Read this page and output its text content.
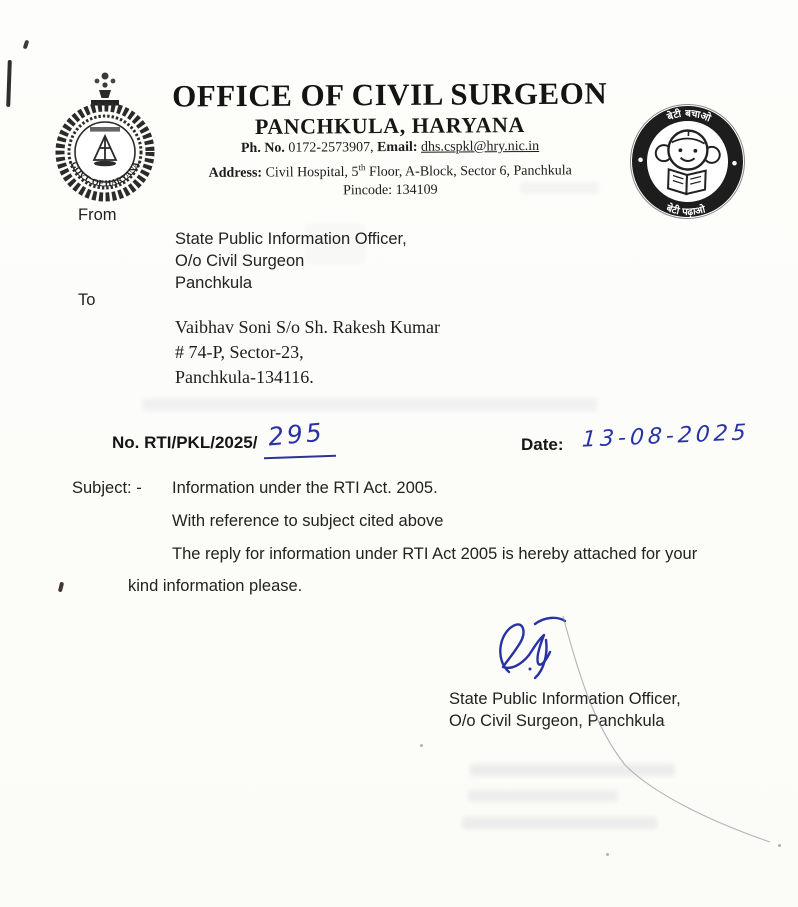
GOVT. OF HARYANA
बेटी बचाओ
बेटी पढ़ाओ
OFFICE OF CIVIL SURGEON
PANCHKULA, HARYANA
Ph. No. 0172-2573907, Email: dhs.cspkl@hry.nic.in
Address: Civil Hospital, 5th Floor, A-Block, Sector 6, Panchkula
Pincode: 134109
From
State Public Information Officer,
O/o Civil Surgeon
Panchkula
To
Vaibhav Soni S/o Sh. Rakesh Kumar
# 74-P, Sector-23,
Panchkula-134116.
No. RTI/PKL/2025/ 295	Date: 13-08-2025
Subject: - Information under the RTI Act. 2005.
With reference to subject cited above
The reply for information under RTI Act 2005 is hereby attached for your
kind information please.
State Public Information Officer,
O/o Civil Surgeon, Panchkula
